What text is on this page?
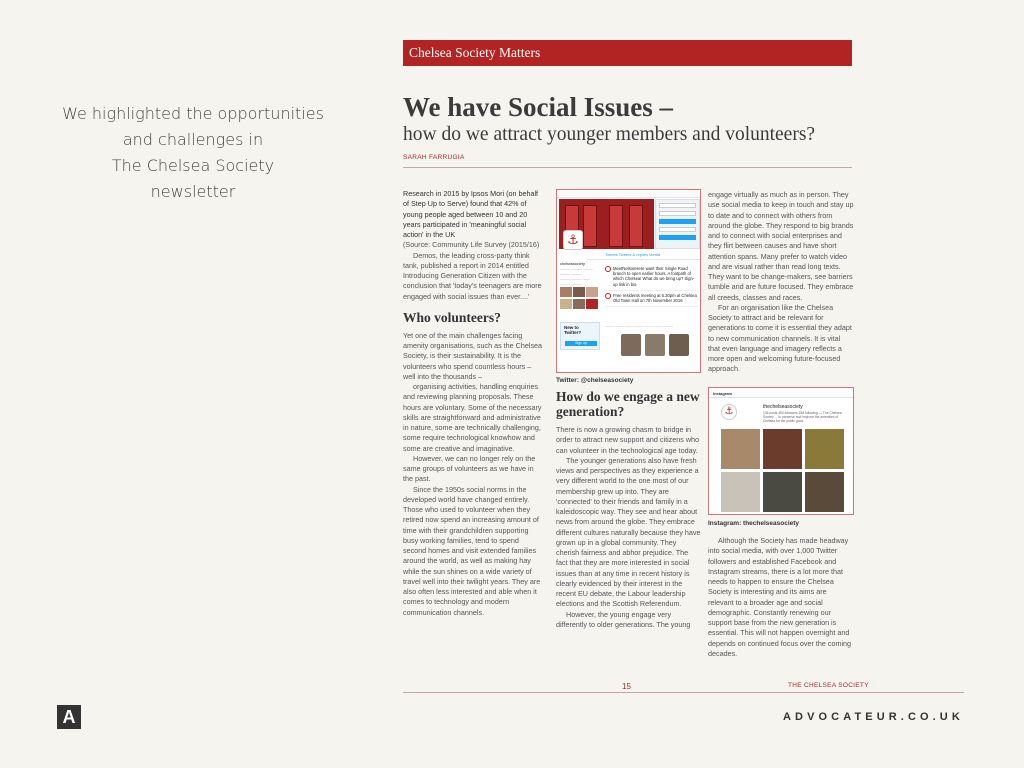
We highlighted the opportunities
and challenges in
The Chelsea Society
newsletter
Chelsea Society Matters
We have Social Issues –
how do we attract younger members and volunteers?
SARAH FARRUGIA

Research in 2015 by Ipsos Mori (on behalf of Step Up to Serve) found that 42% of young people aged between 10 and 20 years participated in 'meaningful social action' in the UK

(Source: Community Life Survey (2015/16)

Demos, the leading cross-party think tank, published a report in 2014 entitled Introducing Generation Citizen with the conclusion that 'today's teenagers are more engaged with social issues than ever....'

Who volunteers?

Yet one of the main challenges facing amenity organisations, such as the Chelsea Society, is their sustainability. It is the volunteers who spend countless hours – well into the thousands –

organising activities, handling enquiries and reviewing planning proposals. These hours are voluntary. Some of the necessary skills are straightforward and administrative in nature, some are technically challenging, some require technological knowhow and some are creative and imaginative.

However, we can no longer rely on the same groups of volunteers as we have in the past.

Since the 1950s social norms in the developed world have changed entirely. Those who used to volunteer when they retired now spend an increasing amount of time with their grandchildren supporting busy working families, tend to spend second homes and visit extended families around the world, as well as making hay while the sun shines on a wide variety of travel well into their twilight years. They are also often less interested and able when it comes to technology and modern communication channels.

⚓
chelseasociety
——— ——— ———
——— ———
——— ——— ——
——— ———

New to Twitter?
Sign up
Tweets Tweets & replies Media
MeetNelsonHere want their Single Road branch to open earlier hours. A footpath of which Chelsea! What do we bring up? Sign-up link in bio.
Free residents meeting at 6.30pm at Chelsea Old Town Hall on 7th November 2016
——— ——— ——— ——— ——— ——— ———
Twitter: @chelseasociety
How do we engage a new generation?

There is now a growing chasm to bridge in order to attract new support and citizens who can volunteer in the technological age today.

The younger generations also have fresh views and perspectives as they experience a very different world to the one most of our membership grew up into. They are 'connected' to their friends and family in a kaleidoscopic way. They see and hear about news from around the globe. They embrace different cultures naturally because they have grown up in a global community. They cherish fairness and abhor prejudice. The fact that they are more interested in social issues than at any time in recent history is clearly evidenced by their interest in the recent EU debate, the Labour leadership elections and the Scottish Referendum.

However, the young engage very differently to older generations. The young

engage virtually as much as in person. They use social media to keep in touch and stay up to date and to connect with others from around the globe. They respond to big brands and to connect with social enterprises and they flirt between causes and have short attention spans. Many prefer to watch video and are visual rather than read long texts. They want to be change-makers, see barriers tumble and are future focused. They embrace all creeds, classes and races.

For an organisation like the Chelsea Society to attract and be relevant for generations to come it is essential they adapt to new communication channels. It is vital that even language and imagery reflects a more open and welcoming future-focused approach.

Instagram
⚓	thechelseasociety
136 posts 490 followers 158 following — The Chelsea Society ... to preserve and improve the amenities of Chelsea for the public good.
Instagram: thechelseasociety

Although the Society has made headway into social media, with over 1,000 Twitter followers and established Facebook and Instagram streams, there is a lot more that needs to happen to ensure the Chelsea Society is interesting and its aims are relevant to a broader age and social demographic. Constantly renewing our support base from the new generation is essential. This will not happen overnight and depends on continued focus over the coming decades.

15	THE CHELSEA SOCIETY
A	ADVOCATEUR.CO.UK
